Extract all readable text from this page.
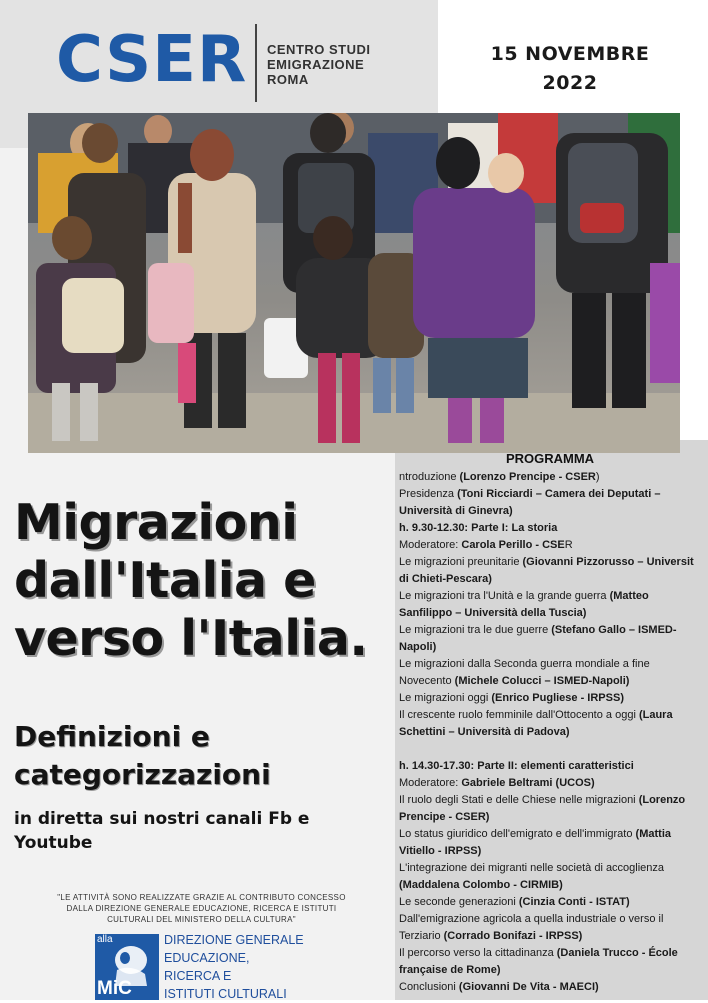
CSER CENTRO STUDI
EMIGRAZIONE
ROMA
15 NOVEMBRE
2022
Migrazioni
dall'Italia e
verso l'Italia.
Definizioni e
categorizzazioni
in diretta sui nostri canali Fb e
Youtube
"LE ATTIVITÀ SONO REALIZZATE GRAZIE AL CONTRIBUTO CONCESSO DALLA DIREZIONE GENERALE EDUCAZIONE, RICERCA E ISTITUTI CULTURALI DEL MINISTERO DELLA CULTURA"
alla
MiC
DIREZIONE GENERALE
EDUCAZIONE,
RICERCA E
ISTITUTI CULTURALI
PROGRAMMA
ntroduzione (Lorenzo Prencipe - CSER)
Presidenza (Toni Ricciardi – Camera dei Deputati –
Università di Ginevra)
h. 9.30-12.30: Parte I: La storia
Moderatore: Carola Perillo - CSER
Le migrazioni preunitarie (Giovanni Pizzorusso – Universit
di Chieti-Pescara)
Le migrazioni tra l'Unità e la grande guerra (Matteo
Sanfilippo – Università della Tuscia)
Le migrazioni tra le due guerre (Stefano Gallo – ISMED-
Napoli)
Le migrazioni dalla Seconda guerra mondiale a fine
Novecento (Michele Colucci – ISMED-Napoli)
Le migrazioni oggi (Enrico Pugliese - IRPSS)
Il crescente ruolo femminile dall'Ottocento a oggi (Laura
Schettini – Università di Padova)
h. 14.30-17.30: Parte II: elementi caratteristici
Moderatore: Gabriele Beltrami (UCOS)
Il ruolo degli Stati e delle Chiese nelle migrazioni (Lorenzo
Prencipe - CSER)
Lo status giuridico dell'emigrato e dell'immigrato (Mattia
Vitiello - IRPSS)
L'integrazione dei migranti nelle società di accoglienza
(Maddalena Colombo - CIRMIB)
Le seconde generazioni (Cinzia Conti - ISTAT)
Dall'emigrazione agricola a quella industriale o verso il
Terziario (Corrado Bonifazi - IRPSS)
Il percorso verso la cittadinanza (Daniela Trucco - École
française de Rome)
Conclusioni (Giovanni De Vita - MAECI)
